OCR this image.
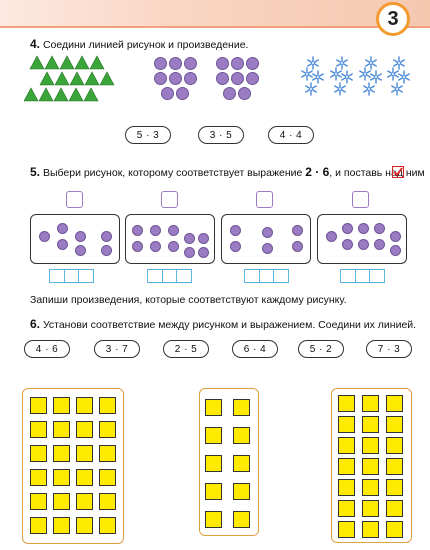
3
4. Соедини линией рисунок и произведение.
5 · 3	3 · 5	4 · 4
5. Выбери рисунок, которому соответствует выражение 2 · 6, и поставь над ним
Запиши произведения, которые соответствуют каждому рисунку.
6. Установи соответствие между рисунком и выражением. Соедини их линией.
4 · 6	3 · 7	2 · 5	6 · 4	5 · 2	7 · 3
